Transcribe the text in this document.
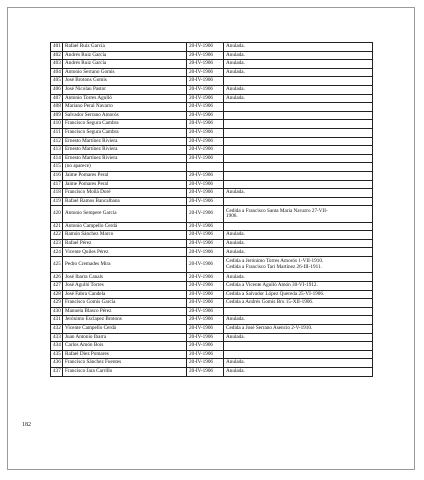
401	Rafael Ruiz García	20-IV-1906	Anulada.

402	Andrés Ruiz García	20-IV-1906	Anulada.

403	Andrés Ruiz García	20-IV-1906	Anulada.

404	Antonio Serrano Gomis	20-IV-1906	Anulada.

405	José Brotons Gomis	20-IV-1906	
406	José Nicolau Pastor	20-IV-1906	Anulada.

407	Antonio Torres Agulló	20-IV-1906	Anulada.

408	Mariano Peral Navarro	20-IV-1906	
409	Salvador Serrano Amorós	20-IV-1906	
410	Francisco Segura Cambra	20-IV-1906	
411	Francisco Segura Cambra	20-IV-1906	
412	Ernesto Martínez Riviera	20-IV-1906	
413	Ernesto Martínez Riviera	20-IV-1906	
414	Ernesto Martínez Riviera	20-IV-1906	
415	(no aparece)		
416	Jaime Pomares Peral	20-IV-1906	
417	Jaime Pomares Peral	20-IV-1906	
418	Francisco Mollá Doré	20-IV-1906	Anulada.

419	Rafael Ramos Bancalbana	20-IV-1906	
420	Antonio Sempere García	20-IV-1906	Cedida a Francisco Santa María Navarro 27-VII-
1906.

421	Antonio Campello Cerdá	20-IV-1906	
422	Ramón Sánchez Marco	20-IV-1906	Anulada.

423	Rafael Pérez	20-IV-1906	Anulada.

424	Vicente Quiles Pérez	20-IV-1906	Anulada.

425	Pedro Cremades Mira	20-IV-1906	Cedida a Jerónimo Torres Amorós 1-VII-1910.
Cedida a Francisco Tari Martínez 26-III-1911.

426	José Ibarra Canals	20-IV-1906	Anulada.

427	José Agulló Torres	20-IV-1906	Cedida a Vicente Agulló Amón 30-VI-1912.

428	José Fabra Candela	20-IV-1906	Cedida a Salvador López Quereda 25-VI-1906.

429	Francisco Gomis García	20-IV-1906	Cedida a Andrés Gomis Bru 15-XII-1906.

430	Manuela Blasco Pérez	20-IV-1906	
431	Jerónimo Esclapez Brotons	20-IV-1906	Anulada.

432	Vicente Campello Cerdá	20-IV-1906	Cedida a José Serrano Asencio 2-V-1910.

433	Juan Antonio Ibarra	20-IV-1906	Anulada.

434	Carlos Amón Bois	20-IV-1906	
435	Rafael Díez Pomares	20-IV-1906	
436	Francisco Sánchez Fuentes	20-IV-1906	Anulada.

437	Francisco Jara Carrillo	20-IV-1906	Anulada.
182
